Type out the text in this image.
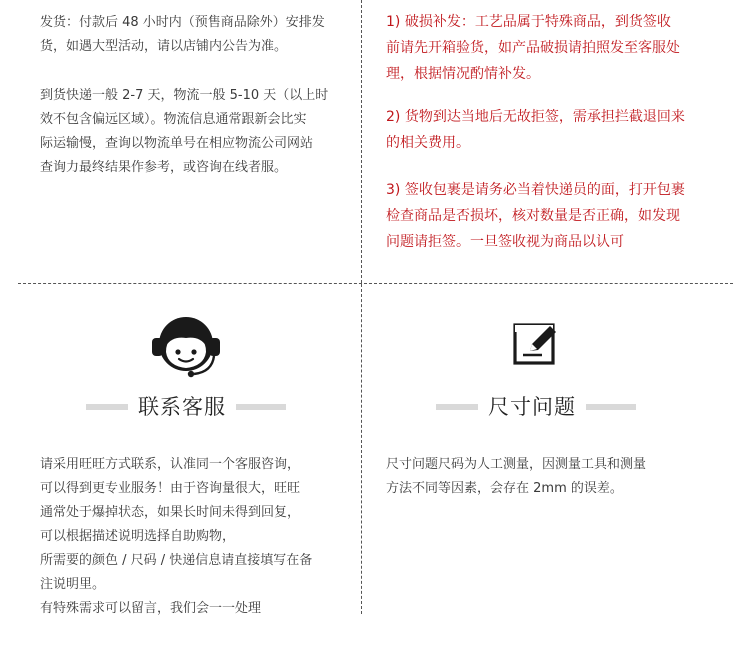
发货：付款后 48 小时内（预售商品除外）安排发

货，如遇大型活动，请以店铺内公告为准。

到货快递一般 2-7 天，物流一般 5-10 天（以上时

效不包含偏远区域）。物流信息通常跟新会比实

际运输慢，查询以物流单号在相应物流公司网站

查询力最终结果作参考，或咨询在线者服。

1) 破损补发：工艺品属于特殊商品，到货签收

前请先开箱验货，如产品破损请拍照发至客服处

理，根据情况酌情补发。

2) 货物到达当地后无故拒签，需承担拦截退回来

的相关费用。

3) 签收包裹是请务必当着快递员的面，打开包裹

检查商品是否损坏，核对数量是否正确，如发现

问题请拒签。一旦签收视为商品以认可

联系客服

请采用旺旺方式联系，认准同一个客服咨询，

可以得到更专业服务！由于咨询量很大，旺旺

通常处于爆掉状态，如果长时间未得到回复，

可以根据描述说明选择自助购物，

所需要的颜色 / 尺码 / 快递信息请直接填写在备

注说明里。

有特殊需求可以留言，我们会一一处理

尺寸问题

尺寸问题尺码为人工测量，因测量工具和测量

方法不同等因素，会存在 2mm 的误差。
